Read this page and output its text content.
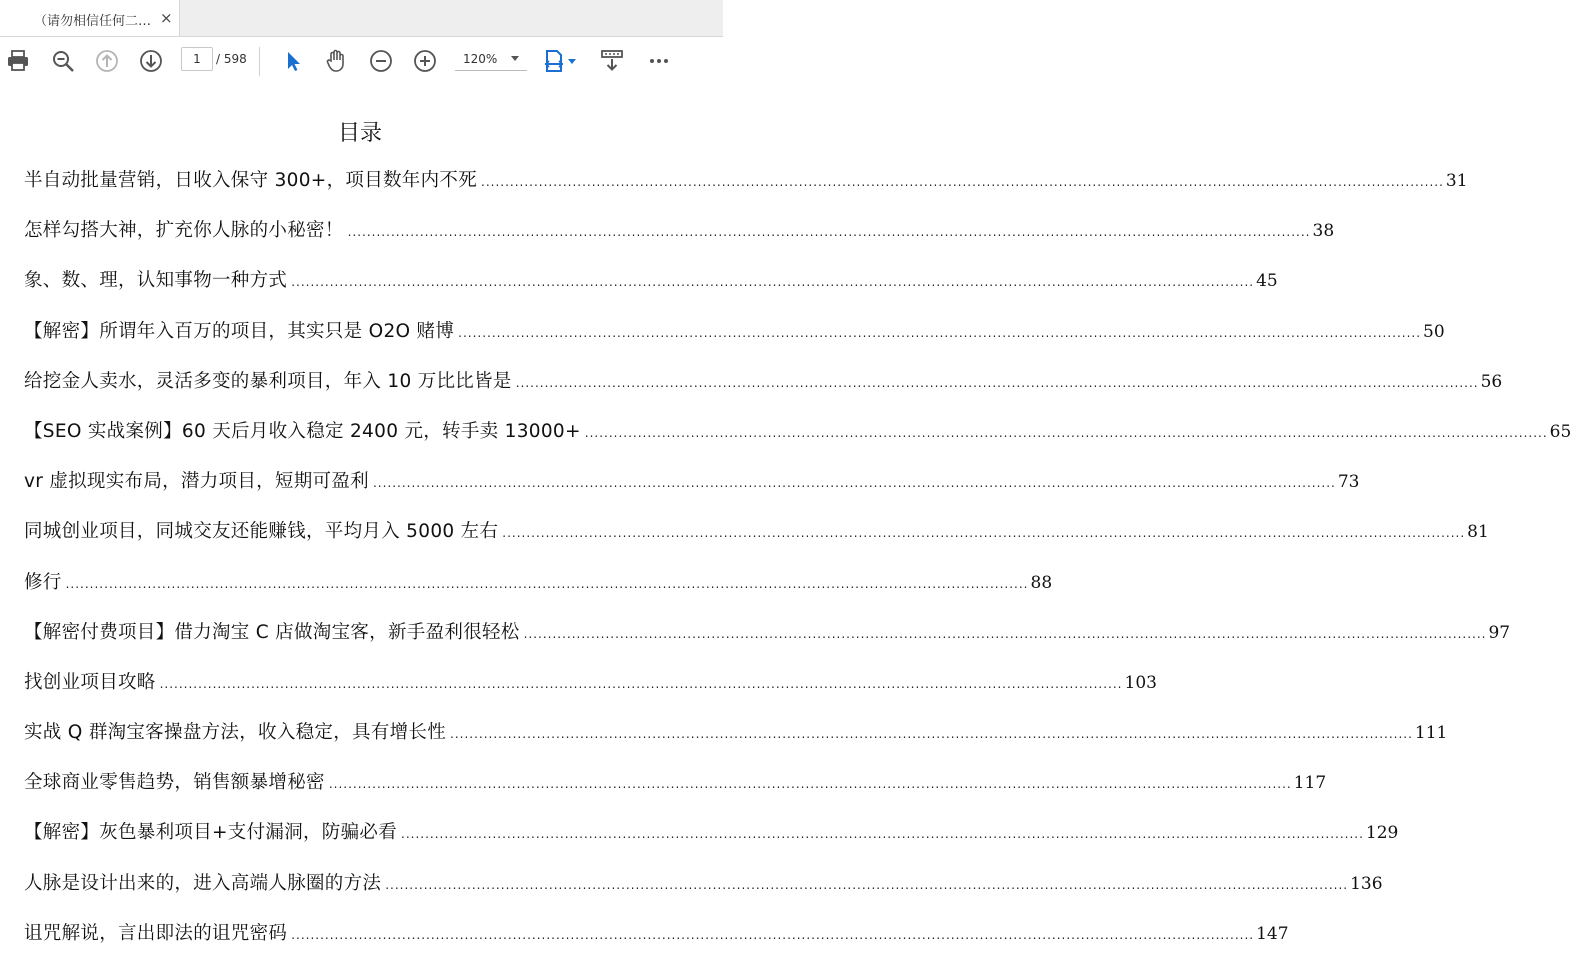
（请勿相信任何二… ×
1
/ 598	120%
目录
半自动批量营销，日收入保守 300+，项目数年内不死 ........................................................................................................................................................................................................ 31
怎样勾搭大神，扩充你人脉的小秘密！ ........................................................................................................................................................................................................ 38
象、数、理，认知事物一种方式 ........................................................................................................................................................................................................ 45
【解密】所谓年入百万的项目，其实只是 O2O 赌博 ........................................................................................................................................................................................................ 50
给挖金人卖水，灵活多变的暴利项目，年入 10 万比比皆是 ........................................................................................................................................................................................................ 56
【SEO 实战案例】60 天后月收入稳定 2400 元，转手卖 13000+ ........................................................................................................................................................................................................ 65
vr 虚拟现实布局，潜力项目，短期可盈利 ........................................................................................................................................................................................................ 73
同城创业项目，同城交友还能赚钱，平均月入 5000 左右 ........................................................................................................................................................................................................ 81
修行 ........................................................................................................................................................................................................ 88
【解密付费项目】借力淘宝 C 店做淘宝客，新手盈利很轻松 ........................................................................................................................................................................................................ 97
找创业项目攻略 ........................................................................................................................................................................................................ 103
实战 Q 群淘宝客操盘方法，收入稳定，具有增长性 ........................................................................................................................................................................................................ 111
全球商业零售趋势，销售额暴增秘密 ........................................................................................................................................................................................................ 117
【解密】灰色暴利项目+支付漏洞，防骗必看 ........................................................................................................................................................................................................ 129
人脉是设计出来的，进入高端人脉圈的方法 ........................................................................................................................................................................................................ 136
诅咒解说，言出即法的诅咒密码 ........................................................................................................................................................................................................ 147
